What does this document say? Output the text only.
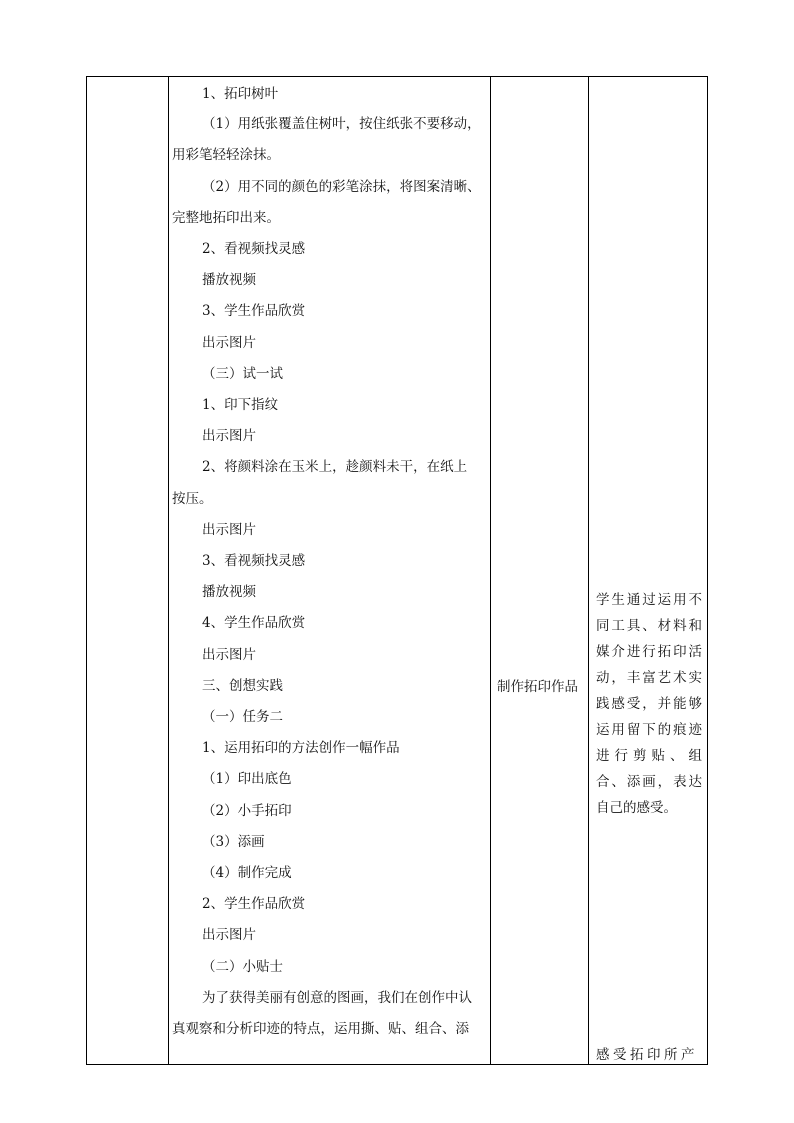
1、拓印树叶
（1）用纸张覆盖住树叶，按住纸张不要移动，
用彩笔轻轻涂抹。
（2）用不同的颜色的彩笔涂抹，将图案清晰、
完整地拓印出来。
2、看视频找灵感
播放视频
3、学生作品欣赏
出示图片
（三）试一试
1、印下指纹
出示图片
2、将颜料涂在玉米上，趁颜料未干，在纸上
按压。
出示图片
3、看视频找灵感
播放视频
4、学生作品欣赏
出示图片
三、创想实践
（一）任务二
1、运用拓印的方法创作一幅作品
（1）印出底色
（2）小手拓印
（3）添画
（4）制作完成
2、学生作品欣赏
出示图片
（二）小贴士
为了获得美丽有创意的图画，我们在创作中认
真观察和分析印迹的特点，运用撕、贴、组合、添
制作拓印作品
学生通过运用不同工具、材料和媒介进行拓印活动，丰富艺术实践感受，并能够运用留下的痕迹进行剪贴、组合、添画，表达自己的感受。
感受拓印所产
